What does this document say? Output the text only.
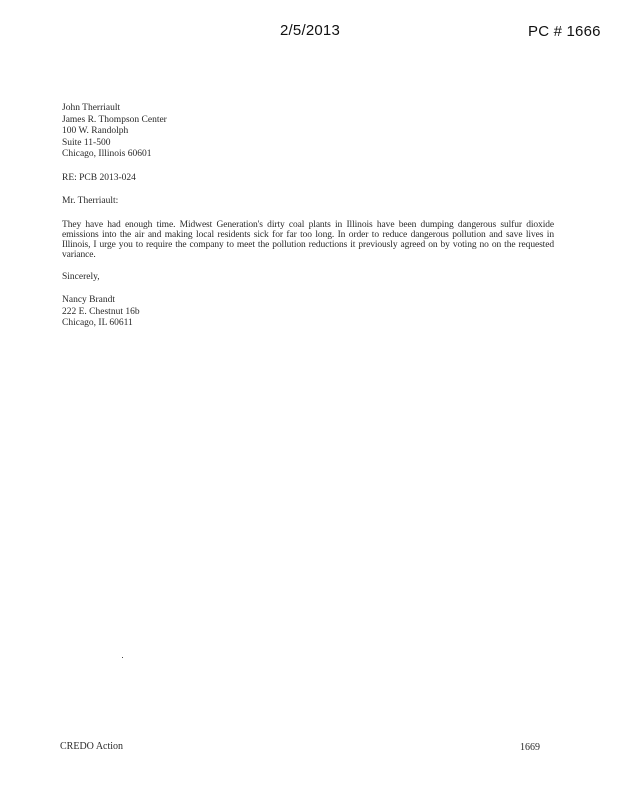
2/5/2013	PC # 1666
John Therriault
James R. Thompson Center
100 W. Randolph
Suite 11-500
Chicago, Illinois 60601
RE: PCB 2013-024
Mr. Therriault:

They have had enough time. Midwest Generation's dirty coal plants in Illinois have been dumping dangerous sulfur dioxide emissions into the air and making local residents sick for far too long. In order to reduce dangerous pollution and save lives in Illinois, I urge you to require the company to meet the pollution reductions it previously agreed on by voting no on the requested variance.

Sincerely,
Nancy Brandt
222 E. Chestnut 16b
Chicago, IL 60611
CREDO Action	1669
